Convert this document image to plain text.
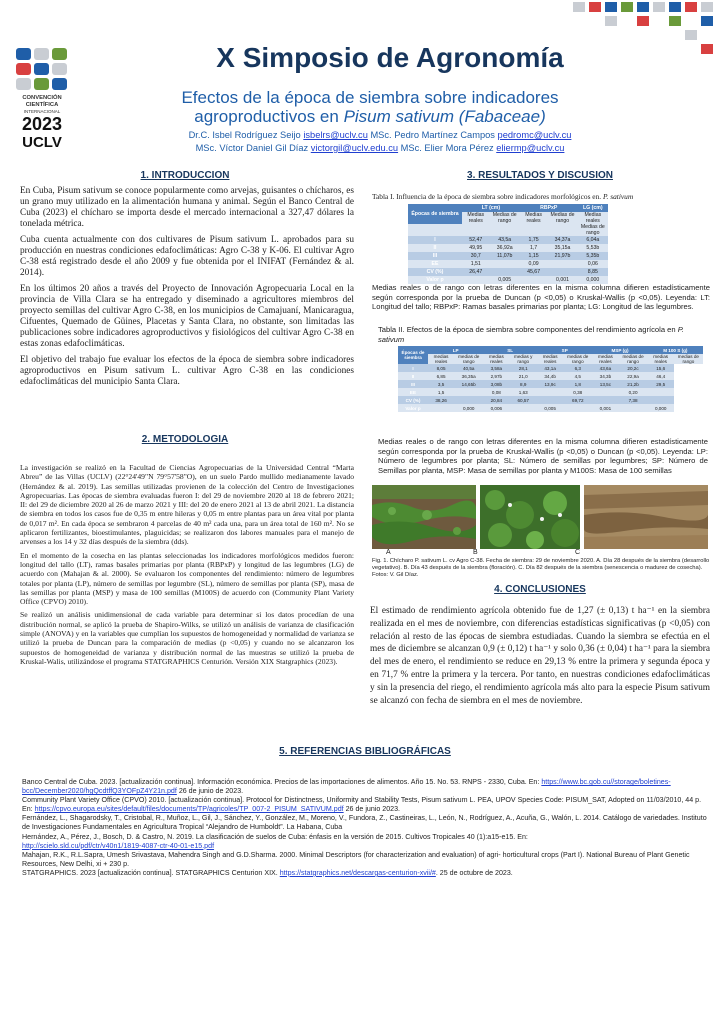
CONVENCIÓN
CIENTÍFICA
INTERNACIONAL
2023
UCLV
X Simposio de Agronomía
Efectos de la época de siembra sobre indicadores
agroproductivos en Pisum sativum (Fabaceae)
Dr.C. Isbel Rodríguez Seijo isbelrs@uclv.cu MSc. Pedro Martínez Campos pedromc@uclv.cu
MSc. Víctor Daniel Gil Díaz victorgil@uclv.edu.cu MSc. Elier Mora Pérez eliermp@uclv.cu
1. INTRODUCCION

En Cuba, Pisum sativum se conoce popularmente como arvejas, guisantes o chícharos, es un grano muy utilizado en la alimentación humana y animal. Según el Banco Central de Cuba (2023) el chícharo se importa desde el mercado internacional a 327,47 dólares la tonelada métrica.

Cuba cuenta actualmente con dos cultivares de Pisum sativum L. aprobados para su producción en nuestras condiciones edafoclimáticas: Agro C-38 y K-06. El cultivar Agro C-38 está registrado desde el año 2009 y fue obtenida por el INIFAT (Fernández & al. 2014).

En los últimos 20 años a través del Proyecto de Innovación Agropecuaria Local en la provincia de Villa Clara se ha entregado y diseminado a agricultores miembros del proyecto semillas del cultivar Agro C-38, en los municipios de Camajuaní, Manicaragua, Cifuentes, Quemado de Güines, Placetas y Santa Clara, no obstante, son limitadas las publicaciones sobre indicadores agroproductivos y fisiológicos del cultivar Agro C-38 en estas zonas edafoclimáticas.

El objetivo del trabajo fue evaluar los efectos de la época de siembra sobre indicadores agroproductivos en Pisum sativum L. cultivar Agro C-38 en las condiciones edafoclimáticas del municipio Santa Clara.

2. METODOLOGIA

La investigación se realizó en la Facultad de Ciencias Agropecuarias de la Universidad Central “Marta Abreu” de las Villas (UCLV) (22°24'49"N 79°57'58"O), en un suelo Pardo mullido medianamente lavado (Hernández & al. 2019). Las semillas utilizadas provienen de la colección del Centro de Investigaciones Agropecuarias. Las épocas de siembra evaluadas fueron I: del 29 de noviembre 2020 al 18 de febrero 2021; II: del 29 de diciembre 2020 al 26 de marzo 2021 y III: del 20 de enero 2021 al 13 de abril 2021. La distancia de siembra en todos los casos fue de 0,35 m entre hileras y 0,05 m entre plantas para un área vital por planta de 0,017 m². En cada época se sembraron 4 parcelas de 40 m² cada una, para un área total de 160 m². No se aplicaron fertilizantes, bioestimulantes, plaguicidas; se realizaron dos labores manuales para el manejo de arvenses a los 14 y 32 días después de la siembra (dds).

En el momento de la cosecha en las plantas seleccionadas los indicadores morfológicos medidos fueron: longitud del tallo (LT), ramas basales primarias por planta (RBPxP) y longitud de las legumbres (LG) de acuerdo con (Mahajan & al. 2000). Se evaluaron los componentes del rendimiento: número de legumbres totales por planta (LP), número de semillas por legumbre (SL), número de semillas por planta (SP), masa de las semillas por planta (MSP) y masa de 100 semillas (M100S) de acuerdo con (Community Plant Variety Office (CPVO) 2010).

Se realizó un análisis unidimensional de cada variable para determinar si los datos procedían de una distribución normal, se aplicó la prueba de Shapiro-Wilks, se utilizó un análisis de varianza de clasificación simple (ANOVA) y en la variables que cumplían los supuestos de homogeneidad y normalidad de varianza se utilizó la prueba de Duncan para la comparación de medias (p <0,05) y cuando no se alcanzaron los supuestos de homogeneidad de varianza y distribución normal de las muestras se utilizó la prueba de Kruskal-Walis, utilizándose el programa STATGRAPHICS Centurión. Versión XIX Statgraphics (2023).

3. RESULTADOS Y DISCUSION
Tabla I. Influencia de la época de siembra sobre indicadores morfológicos en. P. sativum
Épocas de siembra	LT (cm)		RBPxP		LG (cm)
	Medias reales	Medias de rango	Medias reales	Medias de rango	Medias reales
					Medias de rango
I	52,47	43,5a	1,75	34,37a	6,04a
II	49,95	36,92a	1,7	35,15a	5,53b
III	30,7	11,07b	1,15	21,97b	5,35b
EE	1,51		0,09		0,06
CV (%)	26,47		45,67		8,85
Valor p		0,005		0,001	0,000
Medias reales o de rango con letras diferentes en la misma columna difieren estadísticamente según corresponda por la prueba de Duncan (p <0,05) o Kruskal-Wallis (p <0,05). Leyenda: LT: Longitud del tallo; RBPxP: Ramas basales primarias por planta; LG: Longitud de las legumbres.
Tabla II. Efectos de la época de siembra sobre componentes del rendimiento agrícola en P. sativum
Épocas de siembra	LP		SL		SP		MSP (g)		M 100 S (g)	
	medias reales	medias de rango	medias reales	medias y rango	medias reales	medias de rango	medias reales	medias de rango	medias reales	medias de rango
I	8,05	40,5a	3,58a	28,1	43,1a	6,3	43,6a	20,2c	15,6	
II	6,85	36,35a	2,97b	21,0	34,4b	4,5	34,3b	22,9a	46,4	
III	3,5	14,65b	3,08b	8,9	13,9c	1,8	13,5c	21,2b	29,5	
EE	1,5		0,08	1,63		0,38		0,20		
CV (%)	38,26		20,84	60,57		69,72		7,38		
Valor p		0,000	0,006		0,005		0,001		0,000	
Medias reales o de rango con letras diferentes en la misma columna difieren estadísticamente según corresponda por la prueba de Kruskal-Wallis (p <0,05) o Duncan (p <0,05). Leyenda: LP: Número de legumbres por planta; SL: Número de semillas por legumbres; SP: Número de Semillas por planta, MSP: Masa de semillas por planta y M100S: Masa de 100 semillas
A	B	C
Fig. 1. Chícharo P. sativum L. cv Agro C-38. Fecha de siembra: 29 de noviembre 2020. A. Día 28 después de la siembra (desarrollo vegetativo). B. Día 43 después de la siembra (floración). C. Día 82 después de la siembra (senescencia o madurez de cosecha). Fotos: V. Gil Díaz.
4. CONCLUSIONES
El estimado de rendimiento agrícola obtenido fue de 1,27 (± 0,13) t ha⁻¹ en la siembra realizada en el mes de noviembre, con diferencias estadísticas significativas (p <0,05) con relación al resto de las épocas de siembra estudiadas. Cuando la siembra se efectúa en el mes de diciembre se alcanzan 0,9 (± 0,12) t ha⁻¹ y solo 0,36 (± 0,04) t ha⁻¹ para la siembra del mes de enero, el rendimiento se reduce en 29,13 % entre la primera y segunda época y en 71,7 % entre la primera y la tercera. Por tanto, en nuestras condiciones edafoclimáticas y sin la presencia del riego, el rendimiento agrícola más alto para la especie Pisum sativum se alcanzó con fecha de siembra en el mes de noviembre.
5. REFERENCIAS BIBLIOGRÁFICAS

Banco Central de Cuba. 2023. [actualización continua]. Información económica. Precios de las importaciones de alimentos. Año 15. No. 53. RNPS - 2330, Cuba. En: https://www.bc.gob.cu//storage/boletines-bcc/December2020/hgQcdtffQ3YOFpZ4Y21n.pdf 26 de junio de 2023.

Community Plant Variety Office (CPVO) 2010. [actualización continua]. Protocol for Distinctness, Uniformity and Stability Tests, Pisum sativum L. PEA, UPOV Species Code: PISUM_SAT, Adopted on 11/03/2010, 44 p. En: https://cpvo.europa.eu/sites/default/files/documents/TP/agricoles/TP_007-2_PISUM_SATIVUM.pdf 26 de junio 2023.

Fernández, L., Shagarodsky, T., Cristobal, R., Muñoz, L., Gil, J., Sánchez, Y., González, M., Moreno, V., Fundora, Z., Castineiras, L., León, N., Rodríguez, A., Acuña, G., Walón, L. 2014. Catálogo de variedades. Instituto de Investigaciones Fundamentales en Agricultura Tropical “Alejandro de Humboldt”. La Habana, Cuba

Hernández, A., Pérez, J., Bosch, D. & Castro, N. 2019. La clasificación de suelos de Cuba: énfasis en la versión de 2015. Cultivos Tropicales 40 (1):a15-e15. En:
http://scielo.sld.cu/pdf/ctr/v40n1/1819-4087-ctr-40-01-e15.pdf

Mahajan, R.K., R.L.Sapra, Umesh Srivastava, Mahendra Singh and G.D.Sharma. 2000. Minimal Descriptors (for characterization and evaluation) of agri- horticultural crops (Part I). National Bureau of Plant Genetic Resources, New Delhi, xi + 230 p.

STATGRAPHICS. 2023 [actualización continua]. STATGRAPHICS Centurion XIX. https://statgraphics.net/descargas-centurion-xvii/#. 25 de octubre de 2023.
